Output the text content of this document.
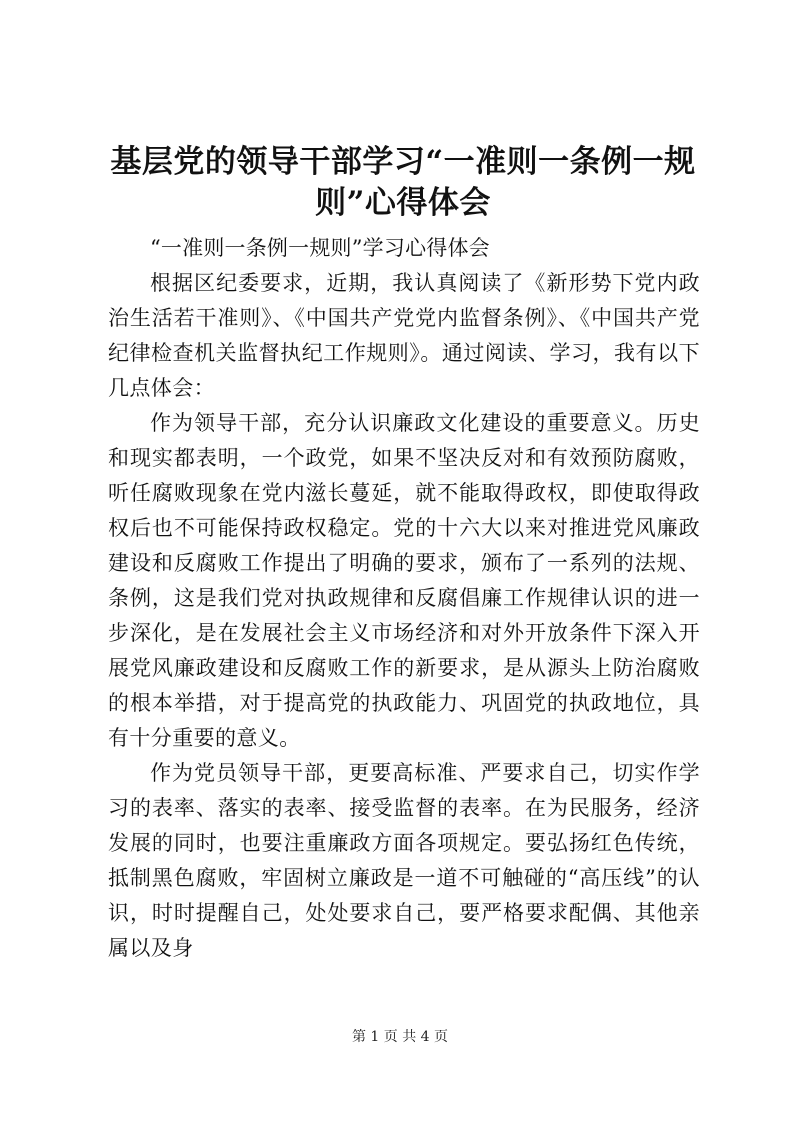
基层党的领导干部学习“一准则一条例一规则”心得体会

“一准则一条例一规则”学习心得体会

根据区纪委要求，近期，我认真阅读了《新形势下党内政治生活若干准则》、《中国共产党党内监督条例》、《中国共产党纪律检查机关监督执纪工作规则》。通过阅读、学习，我有以下几点体会：

作为领导干部，充分认识廉政文化建设的重要意义。历史和现实都表明，一个政党，如果不坚决反对和有效预防腐败，听任腐败现象在党内滋长蔓延，就不能取得政权，即使取得政权后也不可能保持政权稳定。党的十六大以来对推进党风廉政建设和反腐败工作提出了明确的要求，颁布了一系列的法规、条例，这是我们党对执政规律和反腐倡廉工作规律认识的进一步深化，是在发展社会主义市场经济和对外开放条件下深入开展党风廉政建设和反腐败工作的新要求，是从源头上防治腐败的根本举措，对于提高党的执政能力、巩固党的执政地位，具有十分重要的意义。

作为党员领导干部，更要高标准、严要求自己，切实作学习的表率、落实的表率、接受监督的表率。在为民服务，经济发展的同时，也要注重廉政方面各项规定。要弘扬红色传统，抵制黑色腐败，牢固树立廉政是一道不可触碰的“高压线”的认识，时时提醒自己，处处要求自己，要严格要求配偶、其他亲属以及身

第 1 页 共 4 页
